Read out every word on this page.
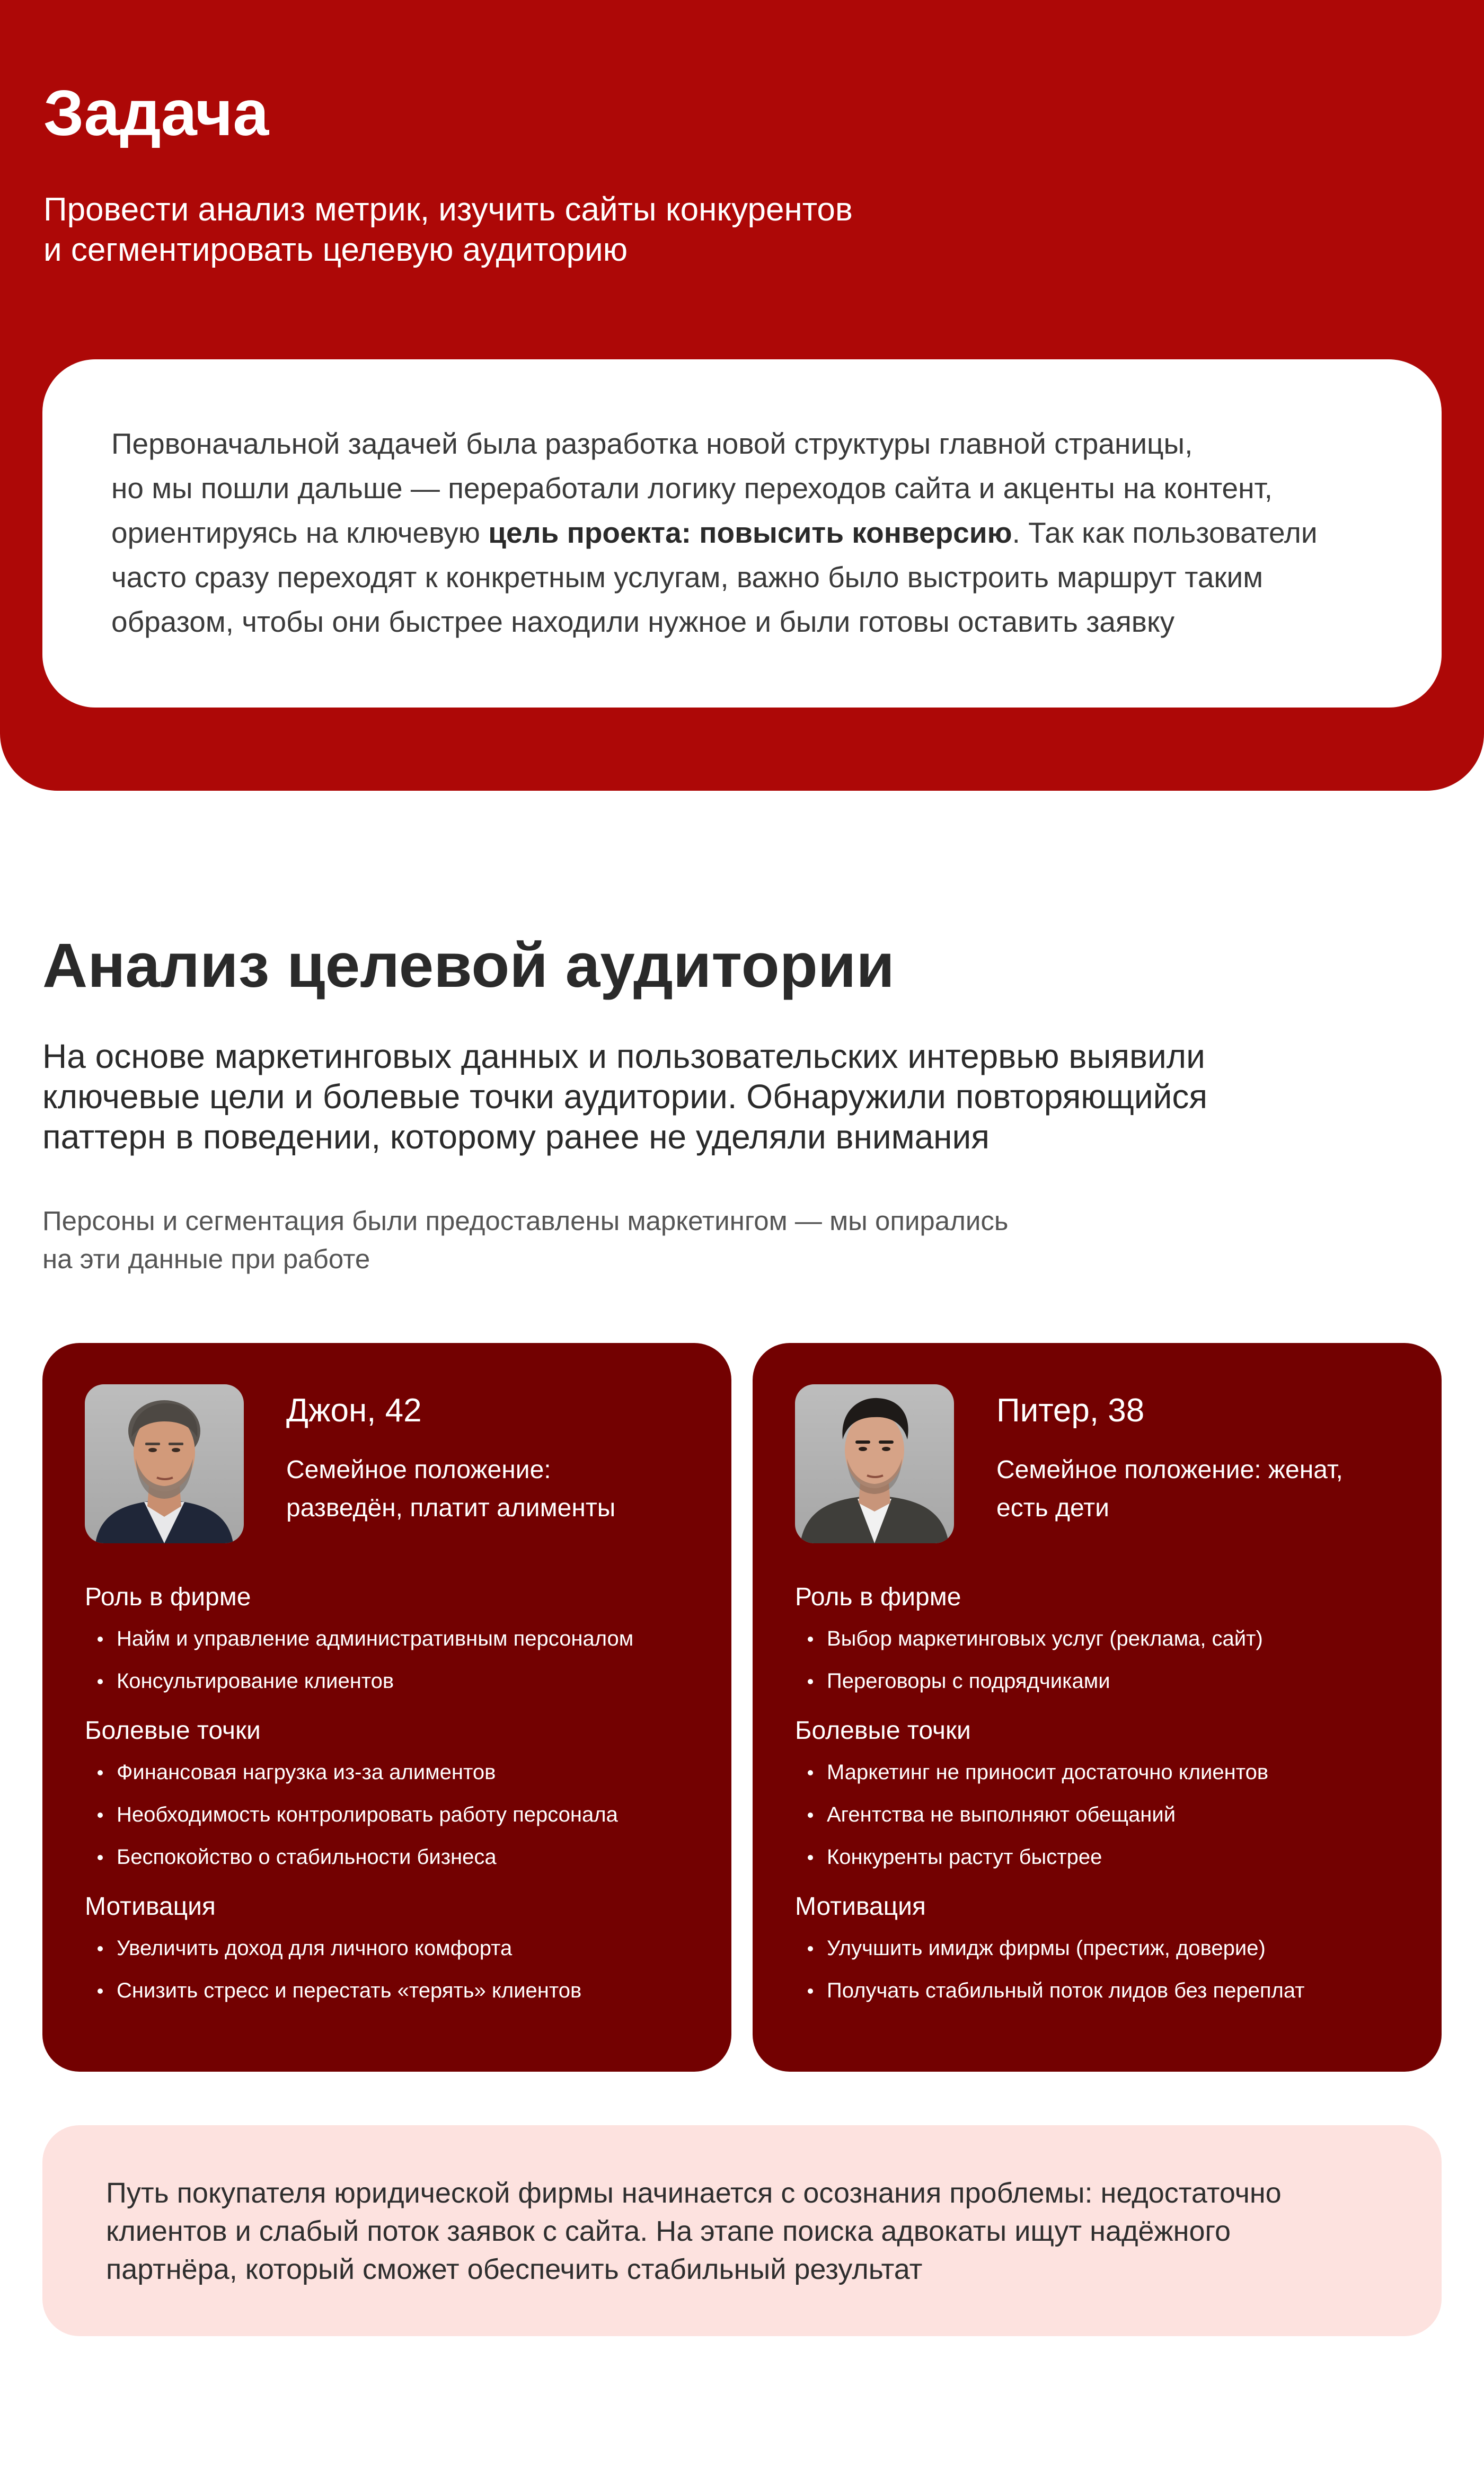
Задача

Провести анализ метрик, изучить сайты конкурентов
и сегментировать целевую аудиторию

Первоначальной задачей была разработка новой структуры главной страницы,
но мы пошли дальше — переработали логику переходов сайта и акценты на контент,
ориентируясь на ключевую цель проекта: повысить конверсию. Так как пользователи
часто сразу переходят к конкретным услугам, важно было выстроить маршрут таким
образом, чтобы они быстрее находили нужное и были готовы оставить заявку

Анализ целевой аудитории

На основе маркетинговых данных и пользовательских интервью выявили
ключевые цели и болевые точки аудитории. Обнаружили повторяющийся
паттерн в поведении, которому ранее не уделяли внимания

Персоны и сегментация были предоставлены маркетингом — мы опирались
на эти данные при работе

Джон, 42

Семейное положение:
разведён, платит алименты

Роль в фирме

Найм и управление административным персоналом
Консультирование клиентов

Болевые точки

Финансовая нагрузка из-за алиментов
Необходимость контролировать работу персонала
Беспокойство о стабильности бизнеса

Мотивация

Увеличить доход для личного комфорта
Снизить стресс и перестать «терять» клиентов

Питер, 38

Семейное положение: женат,
есть дети

Роль в фирме

Выбор маркетинговых услуг (реклама, сайт)
Переговоры с подрядчиками

Болевые точки

Маркетинг не приносит достаточно клиентов
Агентства не выполняют обещаний
Конкуренты растут быстрее

Мотивация

Улучшить имидж фирмы (престиж, доверие)
Получать стабильный поток лидов без переплат

Путь покупателя юридической фирмы начинается с осознания проблемы: недостаточно
клиентов и слабый поток заявок с сайта. На этапе поиска адвокаты ищут надёжного
партнёра, который сможет обеспечить стабильный результат
